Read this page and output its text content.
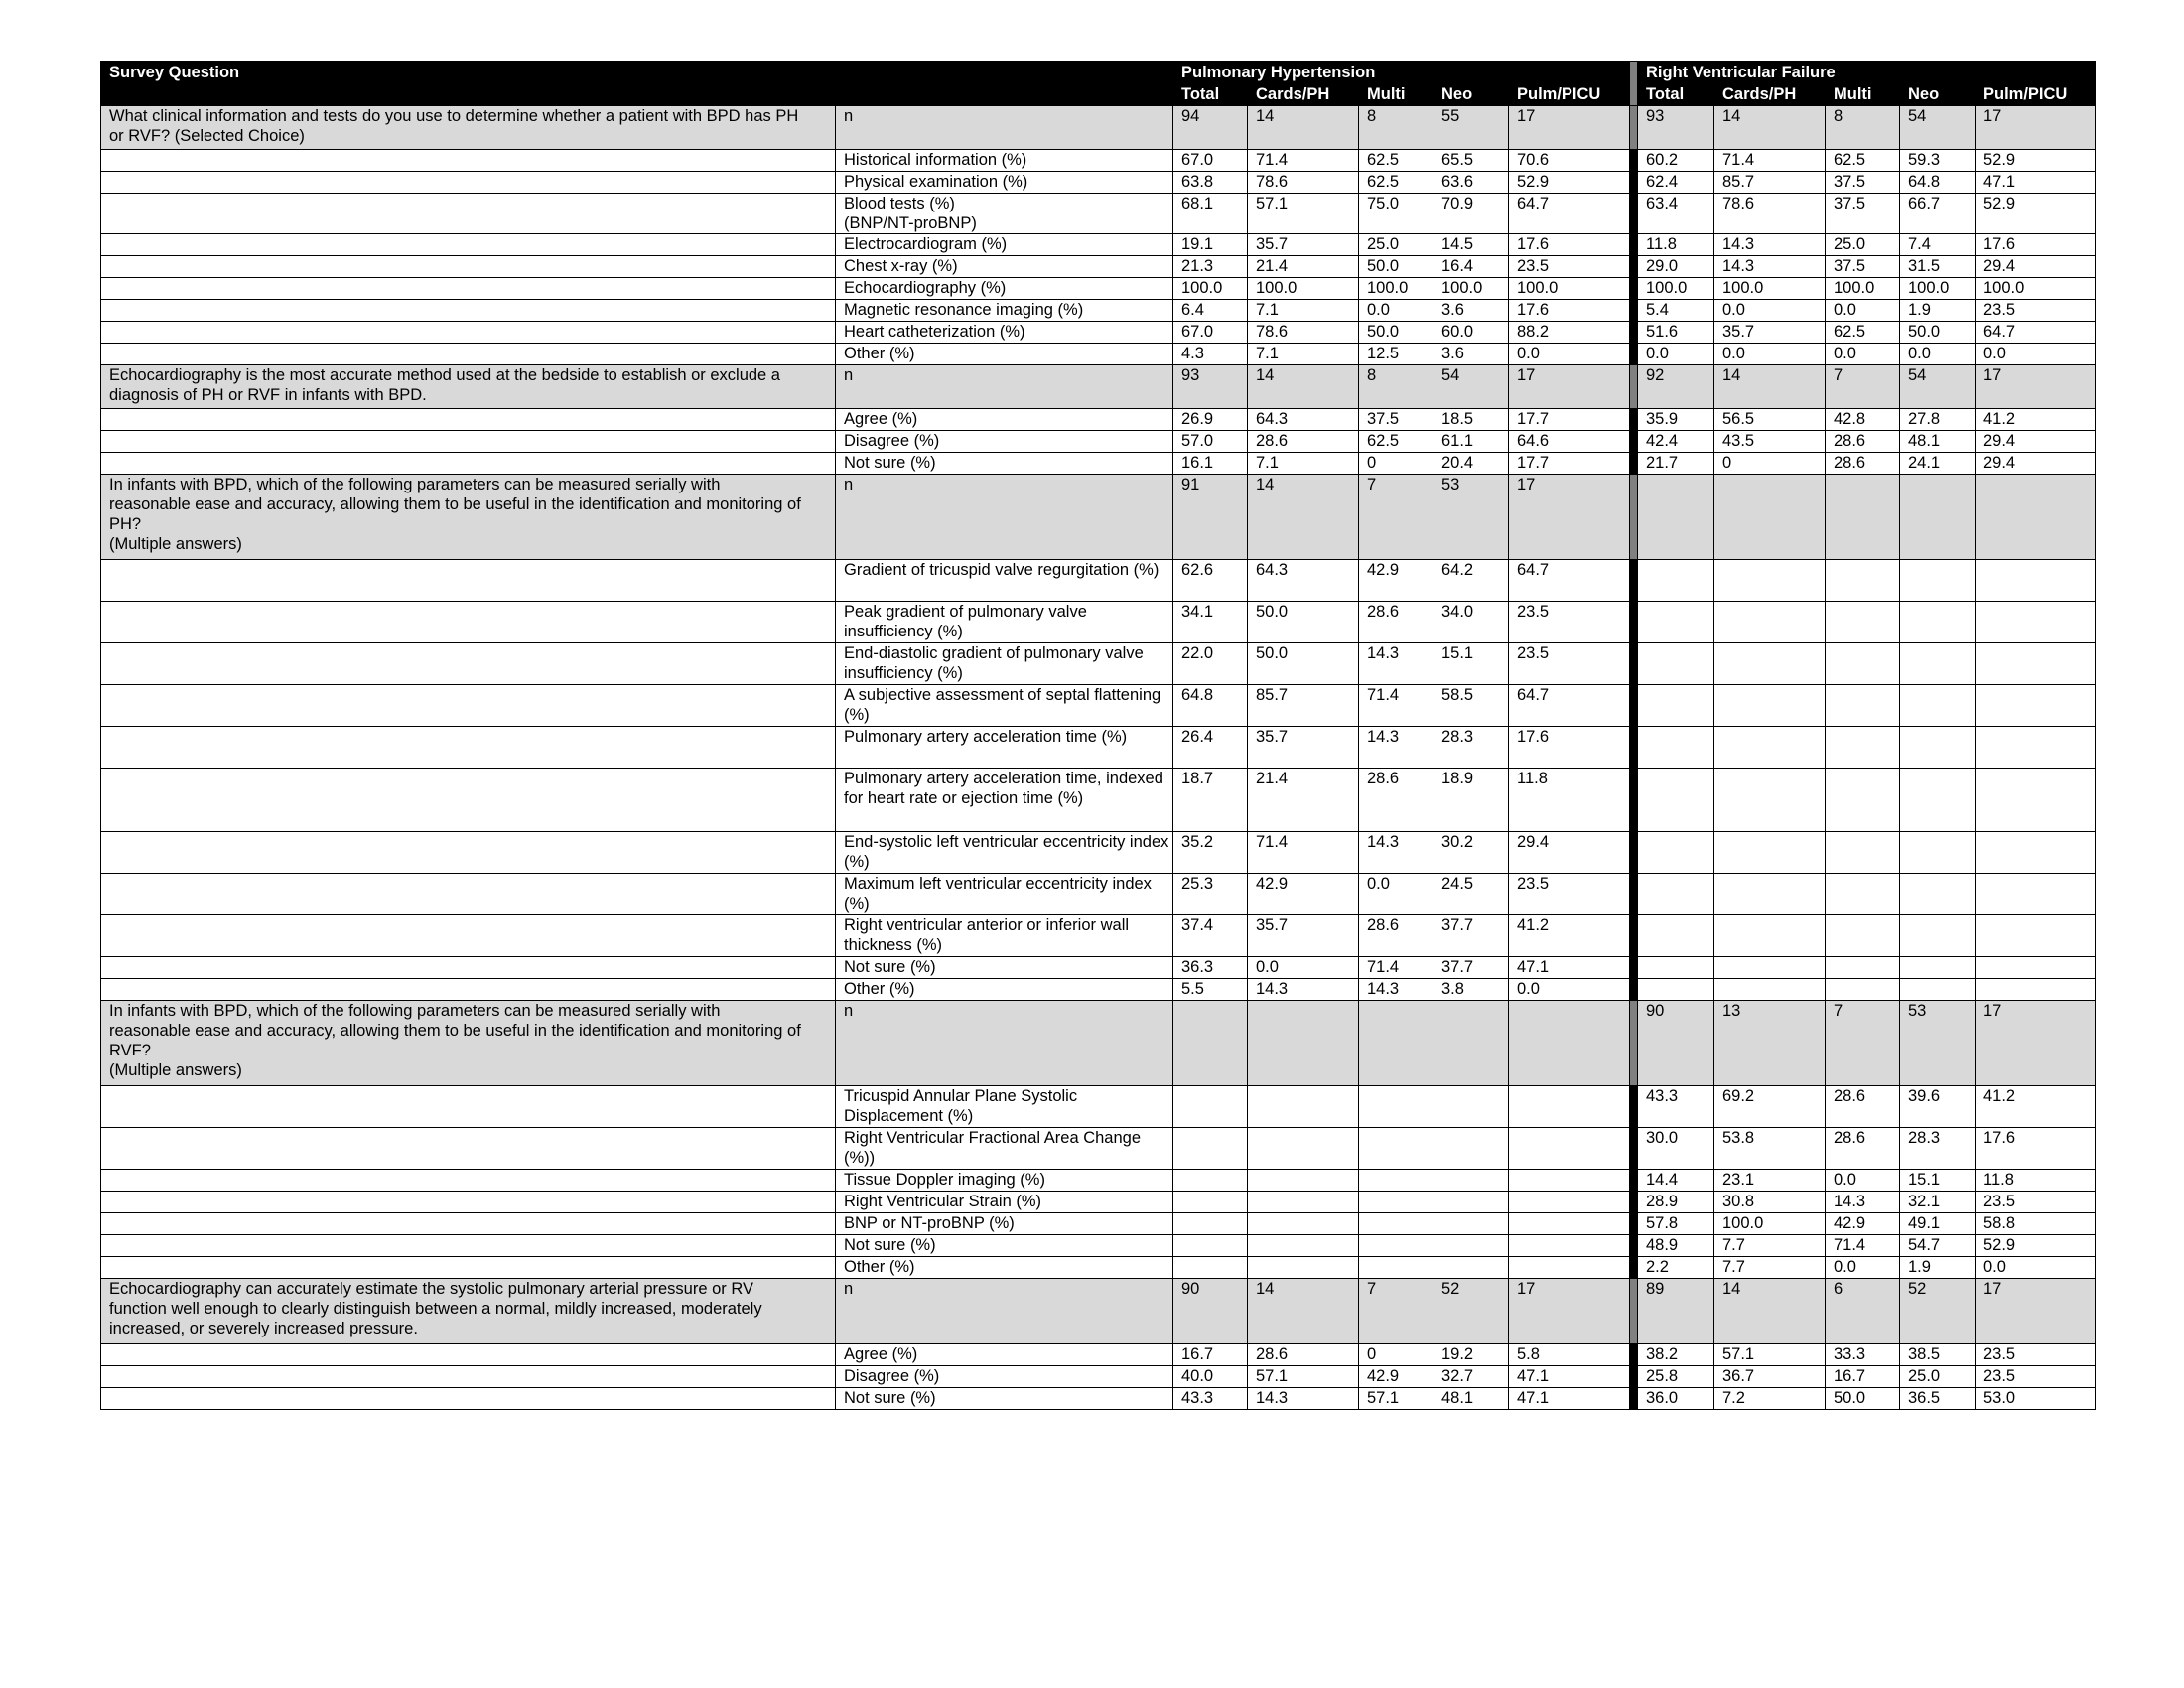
Survey Question		Pulmonary Hypertension						Right Ventricular Failure				
		Total	Cards/PH	Multi	Neo	Pulm/PICU		Total	Cards/PH	Multi	Neo	Pulm/PICU
What clinical information and tests do you use to determine whether a patient with BPD has PH or RVF? (Selected Choice)	n	94	14	8	55	17		93	14	8	54	17
	Historical information (%)	67.0	71.4	62.5	65.5	70.6		60.2	71.4	62.5	59.3	52.9
	Physical examination (%)	63.8	78.6	62.5	63.6	52.9		62.4	85.7	37.5	64.8	47.1
	Blood tests (%)
(BNP/NT-proBNP)	68.1	57.1	75.0	70.9	64.7		63.4	78.6	37.5	66.7	52.9
	Electrocardiogram (%)	19.1	35.7	25.0	14.5	17.6		11.8	14.3	25.0	7.4	17.6
	Chest x-ray (%)	21.3	21.4	50.0	16.4	23.5		29.0	14.3	37.5	31.5	29.4
	Echocardiography (%)	100.0	100.0	100.0	100.0	100.0		100.0	100.0	100.0	100.0	100.0
	Magnetic resonance imaging (%)	6.4	7.1	0.0	3.6	17.6		5.4	0.0	0.0	1.9	23.5
	Heart catheterization (%)	67.0	78.6	50.0	60.0	88.2		51.6	35.7	62.5	50.0	64.7
	Other (%)	4.3	7.1	12.5	3.6	0.0		0.0	0.0	0.0	0.0	0.0
Echocardiography is the most accurate method used at the bedside to establish or exclude a diagnosis of PH or RVF in infants with BPD.	n	93	14	8	54	17		92	14	7	54	17
	Agree (%)	26.9	64.3	37.5	18.5	17.7		35.9	56.5	42.8	27.8	41.2
	Disagree (%)	57.0	28.6	62.5	61.1	64.6		42.4	43.5	28.6	48.1	29.4
	Not sure (%)	16.1	7.1	0	20.4	17.7		21.7	0	28.6	24.1	29.4
In infants with BPD, which of the following parameters can be measured serially with reasonable ease and accuracy, allowing them to be useful in the identification and monitoring of PH?
(Multiple answers)	n	91	14	7	53	17						
	Gradient of tricuspid valve regurgitation (%)	62.6	64.3	42.9	64.2	64.7						
	Peak gradient of pulmonary valve insufficiency (%)	34.1	50.0	28.6	34.0	23.5						
	End-diastolic gradient of pulmonary valve insufficiency (%)	22.0	50.0	14.3	15.1	23.5						
	A subjective assessment of septal flattening (%)	64.8	85.7	71.4	58.5	64.7						
	Pulmonary artery acceleration time (%)	26.4	35.7	14.3	28.3	17.6						
	Pulmonary artery acceleration time, indexed for heart rate or ejection time (%)	18.7	21.4	28.6	18.9	11.8						
	End-systolic left ventricular eccentricity index (%)	35.2	71.4	14.3	30.2	29.4						
	Maximum left ventricular eccentricity index (%)	25.3	42.9	0.0	24.5	23.5						
	Right ventricular anterior or inferior wall thickness (%)	37.4	35.7	28.6	37.7	41.2						
	Not sure (%)	36.3	0.0	71.4	37.7	47.1						
	Other (%)	5.5	14.3	14.3	3.8	0.0						
In infants with BPD, which of the following parameters can be measured serially with reasonable ease and accuracy, allowing them to be useful in the identification and monitoring of RVF?
(Multiple answers)	n							90	13	7	53	17
	Tricuspid Annular Plane Systolic Displacement (%)							43.3	69.2	28.6	39.6	41.2
	Right Ventricular Fractional Area Change (%))							30.0	53.8	28.6	28.3	17.6
	Tissue Doppler imaging (%)							14.4	23.1	0.0	15.1	11.8
	Right Ventricular Strain (%)							28.9	30.8	14.3	32.1	23.5
	BNP or NT-proBNP (%)							57.8	100.0	42.9	49.1	58.8
	Not sure (%)							48.9	7.7	71.4	54.7	52.9
	Other (%)							2.2	7.7	0.0	1.9	0.0
Echocardiography can accurately estimate the systolic pulmonary arterial pressure or RV function well enough to clearly distinguish between a normal, mildly increased, moderately increased, or severely increased pressure.	n	90	14	7	52	17		89	14	6	52	17
	Agree (%)	16.7	28.6	0	19.2	5.8		38.2	57.1	33.3	38.5	23.5
	Disagree (%)	40.0	57.1	42.9	32.7	47.1		25.8	36.7	16.7	25.0	23.5
	Not sure (%)	43.3	14.3	57.1	48.1	47.1		36.0	7.2	50.0	36.5	53.0
